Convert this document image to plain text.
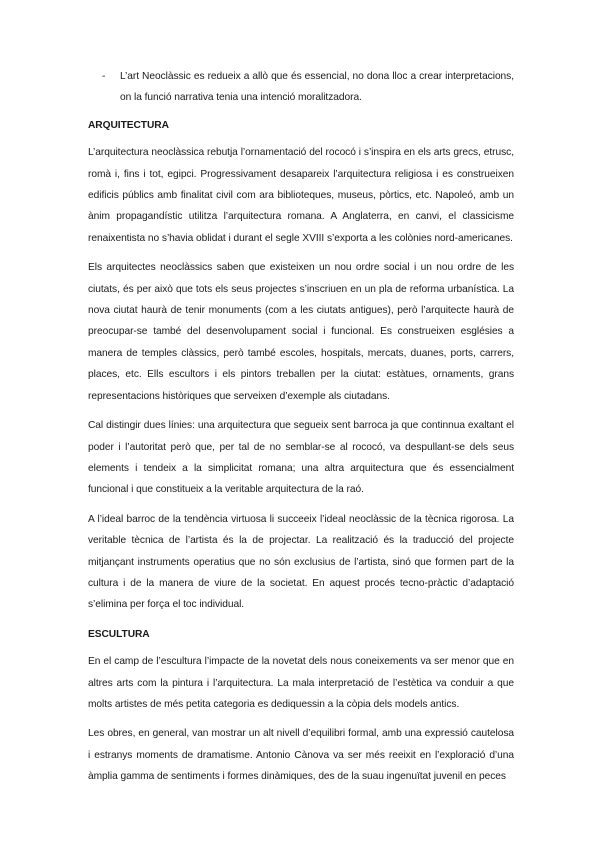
- L’art Neoclàssic es redueix a allò que és essencial, no dona lloc a crear interpretacions, on la funció narrativa tenia una intenció moralitzadora.
ARQUITECTURA

L’arquitectura neoclàssica rebutja l’ornamentació del rococó i s’inspira en els arts grecs, etrusc, romà i, fins i tot, egipci. Progressivament desapareix l’arquitectura religiosa i es construeixen edificis públics amb finalitat civil com ara biblioteques, museus, pòrtics, etc. Napoleó, amb un ànim propagandístic utilitza l’arquitectura romana. A Anglaterra, en canvi, el classicisme renaixentista no s’havia oblidat i durant el segle XVIII s’exporta a les colònies nord-americanes.

Els arquitectes neoclàssics saben que existeixen un nou ordre social i un nou ordre de les ciutats, és per això que tots els seus projectes s’inscriuen en un pla de reforma urbanística. La nova ciutat haurà de tenir monuments (com a les ciutats antigues), però l’arquitecte haurà de preocupar-se també del desenvolupament social i funcional. Es construeixen esglésies a manera de temples clàssics, però també escoles, hospitals, mercats, duanes, ports, carrers, places, etc. Ells escultors i els pintors treballen per la ciutat: estàtues, ornaments, grans representacions històriques que serveixen d’exemple als ciutadans.

Cal distingir dues línies: una arquitectura que segueix sent barroca ja que continnua exaltant el poder i l’autoritat però que, per tal de no semblar-se al rococó, va despullant-se dels seus elements i tendeix a la simplicitat romana; una altra arquitectura que és essencialment funcional i que constitueix a la veritable arquitectura de la raó.

A l’ideal barroc de la tendència virtuosa li succeeix l’ideal neoclàssic de la tècnica rigorosa. La veritable tècnica de l’artista és la de projectar. La realització és la traducció del projecte mitjançant instruments operatius que no són exclusius de l’artista, sinó que formen part de la cultura i de la manera de viure de la societat. En aquest procés tecno-pràctic d’adaptació s’elimina per força el toc individual.

ESCULTURA

En el camp de l’escultura l’impacte de la novetat dels nous coneixements va ser menor que en altres arts com la pintura i l’arquitectura. La mala interpretació de l’estètica va conduir a que molts artistes de més petita categoria es dediquessin a la còpia dels models antics.

Les obres, en general, van mostrar un alt nivell d’equilibri formal, amb una expressió cautelosa i estranys moments de dramatisme. Antonio Cànova va ser més reeixit en l’exploració d’una àmplia gamma de sentiments i formes dinàmiques, des de la suau ingenuïtat juvenil en peces
